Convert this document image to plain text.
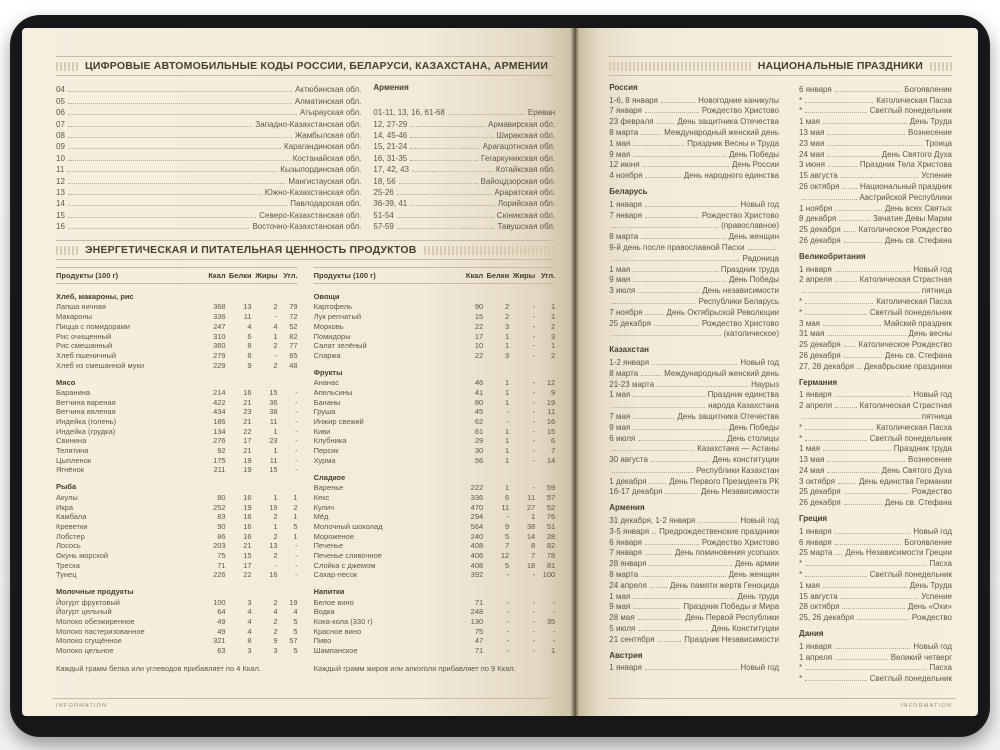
ЦИФРОВЫЕ АВТОМОБИЛЬНЫЕ КОДЫ РОССИИ, БЕЛАРУСИ, КАЗАХСТАНА, АРМЕНИИ
04	Актюбинская обл.
05	Алматинская обл.
06	Атырауская обл.
07	Западно-Казахстанская обл.
08	Жамбылская обл.
09	Карагандинская обл.
10	Костанайская обл.
11	Кызылординская обл.
12	Мангистауская обл.
13	Южно-Казахстанская обл.
14	Павлодарская обл.
15	Северо-Казахстанская обл.
16	Восточно-Казахстанская обл.
Армения
01-11, 13, 16, 61-68	Ереван
12, 27-29	Армавирская обл.
14, 45-46	Ширакская обл.
15, 21-24	Арагацотнская обл.
16, 31-35	Гегаркуникская обл.
17, 42, 43	Котайкская обл.
18, 56	Вайоцдзорская обл.
25-26	Араратская обл.
36-39, 41	Лорийская обл.
51-54	Сюникская обл.
57-59	Тавушская обл.
ЭНЕРГЕТИЧЕСКАЯ И ПИТАТЕЛЬНАЯ ЦЕННОСТЬ ПРОДУКТОВ
Продукты (100 г)	Ккал Белки Жиры Угл.
Хлеб, макароны, рис
Лапша яичная	368	13	2	79
Макароны	336	11	-	72
Пицца с помидорами	247	4	4	52
Рис очищенный	310	6	1	82
Рис смешанный	360	8	2	77
Хлеб пшеничный	279	8	-	65
Хлеб из смешанной муки	229	9	2	48
Мясо
Баранина	214	16	15	-
Ветчина вареная	422	21	36	-
Ветчина вяленая	434	23	38	-
Индейка (голень)	186	21	11	-
Индейка (грудка)	134	22	1	-
Свинина	276	17	23	-
Телятина	92	21	1	-
Цыпленок	175	19	11	-
Ягнёнок	211	19	15	-
Рыба
Акулы	80	16	1	1
Икра	252	19	19	2
Камбала	83	16	2	1
Креветки	90	16	1	5
Лобстер	86	16	2	1
Лосось	203	21	13	-
Окунь морской	75	15	2	-
Треска	71	17	-	-
Тунец	226	22	16	-
Молочные продукты
Йогурт фруктовый	100	3	2	19
Йогурт цельный	64	4	4	4
Молоко обезжиренное	49	4	2	5
Молоко пастеризованное	49	4	2	5
Молоко сгущённое	321	8	9	57
Молоко цельное	63	3	3	5
Каждый грамм белка или углеводов прибавляет по 4 Ккал.
Продукты (100 г)	Ккал Белки Жиры Угл.
Овощи
Картофель	90	2	-	1
Лук репчатый	15	2	-	1
Морковь	22	3	-	2
Помидоры	17	1	-	3
Салат зелёный	10	1	-	1
Спаржа	22	3	-	2
Фрукты
Ананас	46	1	-	12
Апельсины	41	1	-	9
Бананы	80	1	-	19
Груша	45	-	-	11
Инжир свежий	62	-	-	16
Киви	61	1	-	15
Клубника	29	1	-	6
Персик	30	1	-	7
Хурма	56	1	-	14
Сладкое
Варенье	222	1	-	59
Кекс	336	6	11	57
Кулич	470	11	27	52
Мёд	294	-	1	76
Молочный шоколад	564	9	38	51
Мороженое	240	5	14	28
Печенье	408	7	8	82
Печенье сливочное	406	12	7	78
Слойка с джемом	408	5	18	81
Сахар-песок	392	-	- 100
Напитки
Белое вино	71	-	-	-
Водка	248	-	-	-
Кока-кола (330 г)	130	-	-	35
Красное вино	75	-	-	-
Пиво	47	-	-	-
Шампанское	71	-	-	1
Каждый грамм жиров или алкоголя прибавляет по 9 Ккал.
INFORMATION
НАЦИОНАЛЬНЫЕ ПРАЗДНИКИ
Россия
1-6, 8 января	Новогодние каникулы
7 января	Рождество Христово
23 февраля	День защитника Отечества
8 марта	Международный женский день
1 мая	Праздник Весны и Труда
9 мая	День Победы
12 июня	День России
4 ноября	День народного единства
Беларусь
1 января	Новый год
7 января	Рождество Христово
(православное)
8 марта	День женщин
9-й день после православной Пасхи
Радоница
1 мая	Праздник труда
9 мая	День Победы
3 июля	День независимости
Республики Беларусь
7 ноября	День Октябрьской Революции
25 декабря	Рождество Христово
(католическое)
Казахстан
1-2 января	Новый год
8 марта	Международный женский день
21-23 марта	Наурыз
1 мая	Праздник единства
народа Казахстана
7 мая	День защитника Отечества
9 мая	День Победы
6 июля	День столицы
Казахстана — Астаны
30 августа	День конституции
Республики Казахстан
1 декабря	День Первого Президента РК
16-17 декабря	День Независимости
Армения
31 декабря, 1-2 января	Новый год
3-5 января Предрождественские праздники
6 января	Рождество Христово
7 января	День поминовения усопших
28 января	День армии
8 марта	День женщин
24 апреля	День памяти жертв Геноцида
1 мая	День труда
9 мая	Праздник Победы и Мира
28 мая	День Первой Республики
5 июля	День Конституции
21 сентября	Праздник Независимости
Австрия
1 января	Новый год
6 января	Богоявление
*	Католическая Пасха
*	Светлый понедельник
1 мая	День Труда
13 мая	Вознесение
23 мая	Троица
24 мая	День Святого Духа
3 июня	Праздник Тела Христова
15 августа	Успение
26 октября	Национальный праздник
Австрийской Республики
1 ноября	День всех Святых
8 декабря	Зачатие Девы Марии
25 декабря Католическое Рождество
26 декабря	День св. Стефана
Великобритания
1 января	Новый год
2 апреля	Католическая Страстная
пятница
*	Католическая Пасха
*	Светлый понедельник
3 мая	Майский праздник
31 мая	День весны
25 декабря Католическое Рождество
26 декабря	День св. Стефана
27, 28 декабря Декабрьские праздники
Германия
1 января	Новый год
2 апреля	Католическая Страстная
пятница
*	Католическая Пасха
*	Светлый понедельник
1 мая	Праздник труда
13 мая	Вознесение
24 мая	День Святого Духа
3 октября	День единства Германии
25 декабря	Рождество
26 декабря	День св. Стефана
Греция
1 января	Новый год
6 января	Богоявление
25 марта День Независимости Греции
*	Пасха
*	Светлый понедельник
1 мая	День Труда
15 августа	Успение
28 октября	День «Охи»
25, 26 декабря	Рождество
Дания
1 января	Новый год
1 апреля	Великий четверг
*	Пасха
*	Светлый понедельник
INFORMATION
